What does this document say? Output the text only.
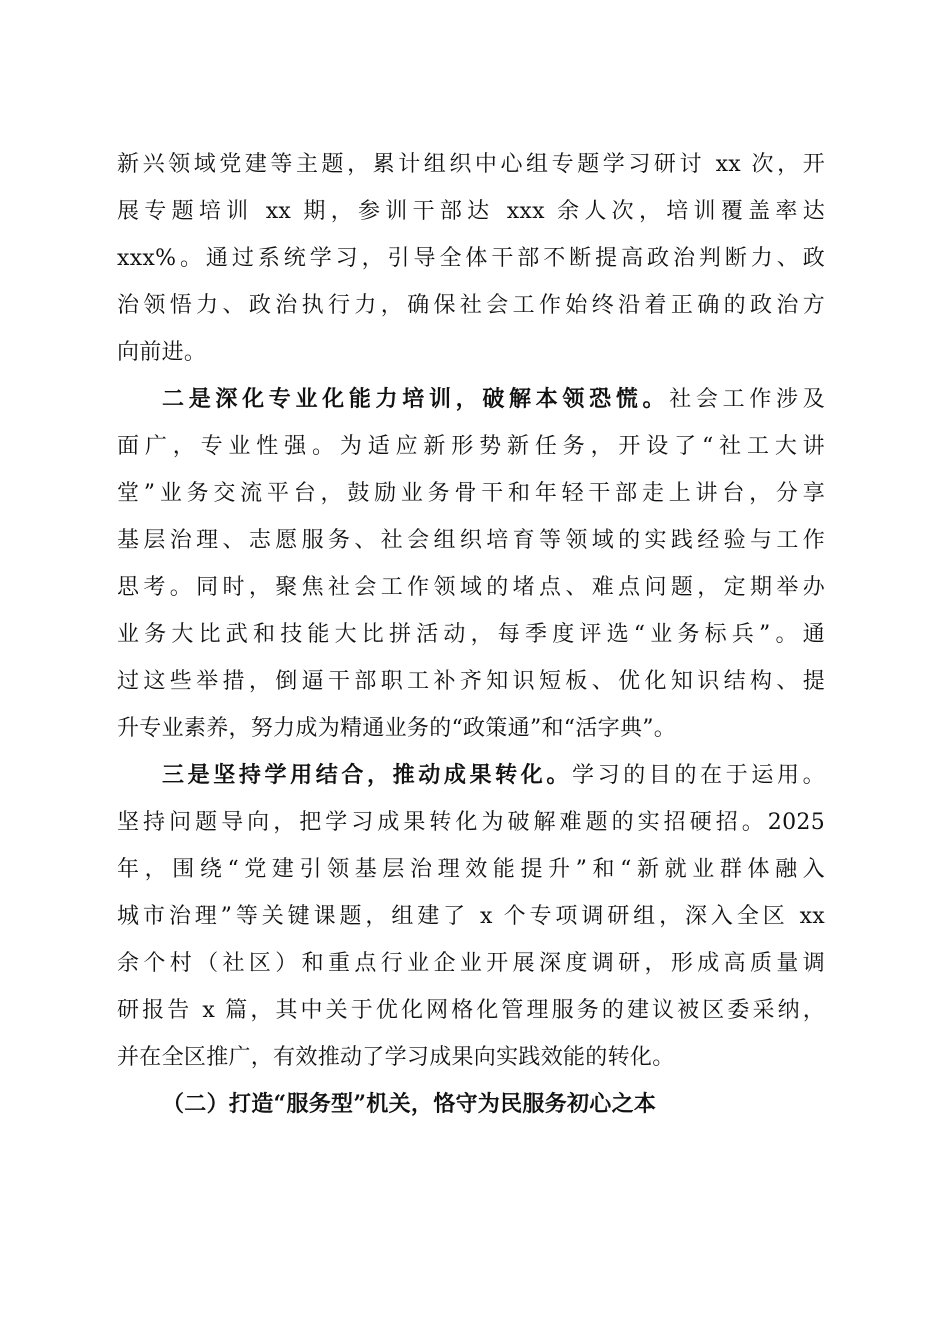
新兴领域党建等主题，累计组织中心组专题学习研讨 xx 次，开
展专题培训 xx 期，参训干部达 xxx 余人次，培训覆盖率达
xxx%。通过系统学习，引导全体干部不断提高政治判断力、政
治领悟力、政治执行力，确保社会工作始终沿着正确的政治方
向前进。
二是深化专业化能力培训，破解本领恐慌。社会工作涉及
面广，专业性强。为适应新形势新任务，开设了“社工大讲
堂”业务交流平台，鼓励业务骨干和年轻干部走上讲台，分享
基层治理、志愿服务、社会组织培育等领域的实践经验与工作
思考。同时，聚焦社会工作领域的堵点、难点问题，定期举办
业务大比武和技能大比拼活动，每季度评选“业务标兵”。通
过这些举措，倒逼干部职工补齐知识短板、优化知识结构、提
升专业素养，努力成为精通业务的“政策通”和“活字典”。
三是坚持学用结合，推动成果转化。学习的目的在于运用。
坚持问题导向，把学习成果转化为破解难题的实招硬招。2025
年，围绕“党建引领基层治理效能提升”和“新就业群体融入
城市治理”等关键课题，组建了 x 个专项调研组，深入全区 xx
余个村（社区）和重点行业企业开展深度调研，形成高质量调
研报告 x 篇，其中关于优化网格化管理服务的建议被区委采纳，
并在全区推广，有效推动了学习成果向实践效能的转化。
（二）打造“服务型”机关，恪守为民服务初心之本
